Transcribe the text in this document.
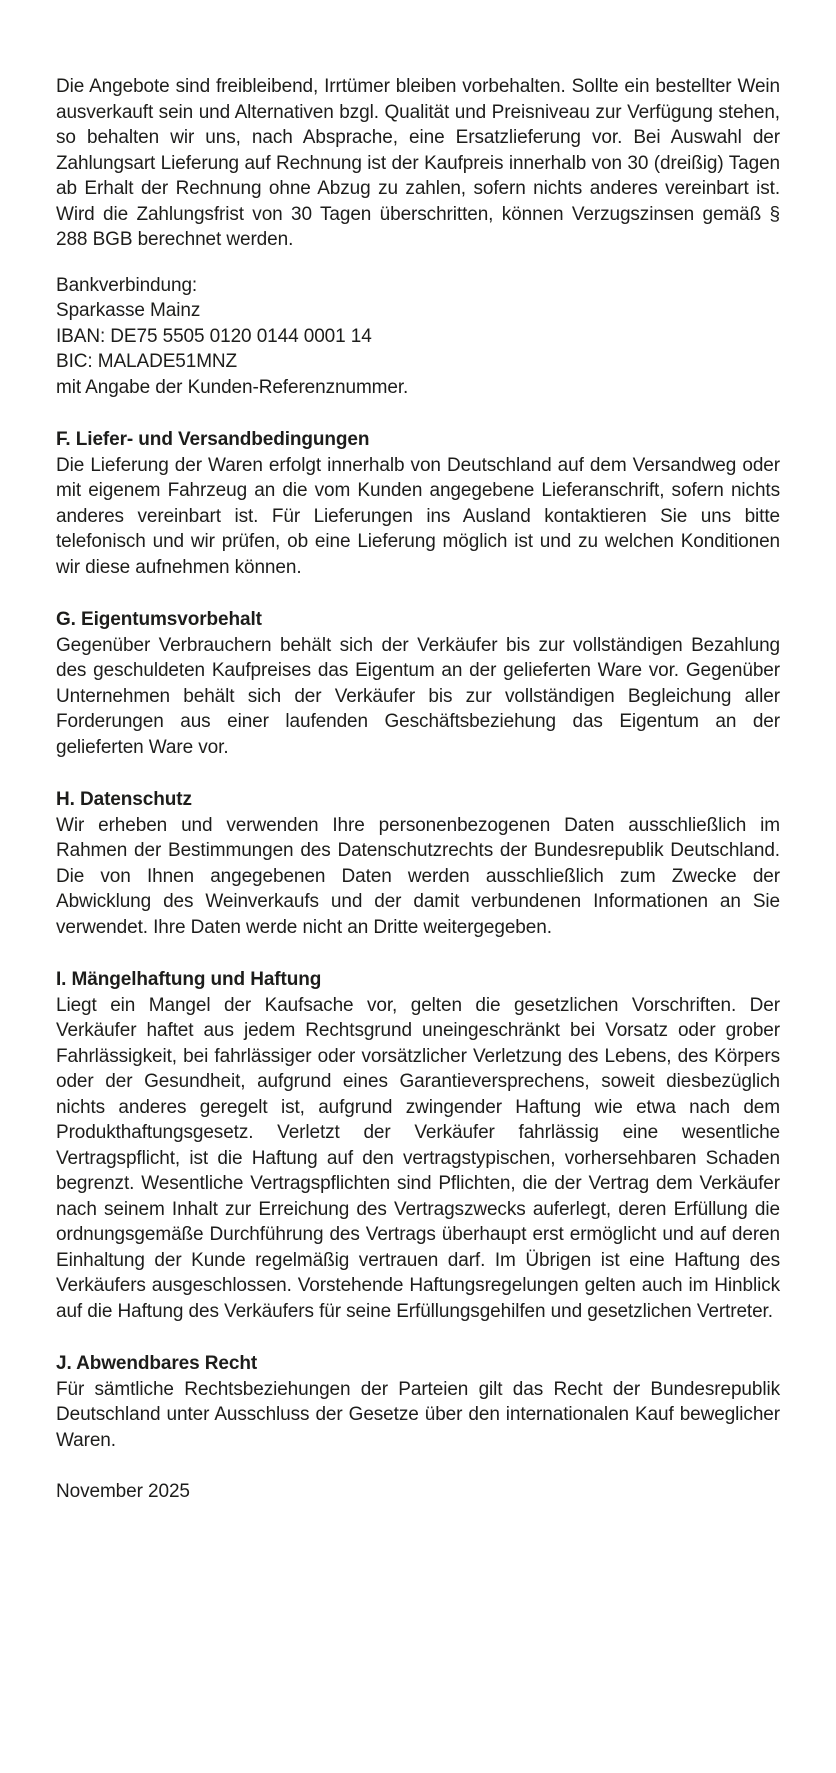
Die Angebote sind freibleibend, Irrtümer bleiben vorbehalten. Sollte ein bestellter Wein ausverkauft sein und Alternativen bzgl. Qualität und Preisniveau zur Verfügung stehen, so behalten wir uns, nach Absprache, eine Ersatzlieferung vor. Bei Auswahl der Zahlungsart Lieferung auf Rechnung ist der Kaufpreis innerhalb von 30 (dreißig) Tagen ab Erhalt der Rechnung ohne Abzug zu zahlen, sofern nichts anderes vereinbart ist. Wird die Zahlungsfrist von 30 Tagen überschritten, können Verzugszinsen gemäß § 288 BGB berechnet werden.

Bankverbindung:

Sparkasse Mainz

IBAN: DE75 5505 0120 0144 0001 14

BIC: MALADE51MNZ

mit Angabe der Kunden-Referenznummer.

F. Liefer- und Versandbedingungen

Die Lieferung der Waren erfolgt innerhalb von Deutschland auf dem Versandweg oder mit eigenem Fahrzeug an die vom Kunden angegebene Lieferanschrift, sofern nichts anderes vereinbart ist. Für Lieferungen ins Ausland kontaktieren Sie uns bitte telefonisch und wir prüfen, ob eine Lieferung möglich ist und zu welchen Konditionen wir diese aufnehmen können.

G. Eigentumsvorbehalt

Gegenüber Verbrauchern behält sich der Verkäufer bis zur vollständigen Bezahlung des geschuldeten Kaufpreises das Eigentum an der gelieferten Ware vor. Gegenüber Unternehmen behält sich der Verkäufer bis zur vollständigen Begleichung aller Forderungen aus einer laufenden Geschäftsbeziehung das Eigentum an der gelieferten Ware vor.

H. Datenschutz

Wir erheben und verwenden Ihre personenbezogenen Daten ausschließlich im Rahmen der Bestimmungen des Datenschutzrechts der Bundesrepublik Deutschland. Die von Ihnen angegebenen Daten werden ausschließlich zum Zwecke der Abwicklung des Weinverkaufs und der damit verbundenen Informationen an Sie verwendet. Ihre Daten werde nicht an Dritte weitergegeben.

I. Mängelhaftung und Haftung

Liegt ein Mangel der Kaufsache vor, gelten die gesetzlichen Vorschriften. Der Verkäufer haftet aus jedem Rechtsgrund uneingeschränkt bei Vorsatz oder grober Fahrlässigkeit, bei fahrlässiger oder vorsätzlicher Verletzung des Lebens, des Körpers oder der Gesundheit, aufgrund eines Garantieversprechens, soweit diesbezüglich nichts anderes geregelt ist, aufgrund zwingender Haftung wie etwa nach dem Produkthaftungsgesetz. Verletzt der Verkäufer fahrlässig eine wesentliche Vertragspflicht, ist die Haftung auf den vertragstypischen, vorhersehbaren Schaden begrenzt. Wesentliche Vertragspflichten sind Pflichten, die der Vertrag dem Verkäufer nach seinem Inhalt zur Erreichung des Vertragszwecks auferlegt, deren Erfüllung die ordnungsgemäße Durchführung des Vertrags überhaupt erst ermöglicht und auf deren Einhaltung der Kunde regelmäßig vertrauen darf. Im Übrigen ist eine Haftung des Verkäufers ausgeschlossen. Vorstehende Haftungsregelungen gelten auch im Hinblick auf die Haftung des Verkäufers für seine Erfüllungsgehilfen und gesetzlichen Vertreter.

J. Abwendbares Recht

Für sämtliche Rechtsbeziehungen der Parteien gilt das Recht der Bundesrepublik Deutschland unter Ausschluss der Gesetze über den internationalen Kauf beweglicher Waren.

November 2025
